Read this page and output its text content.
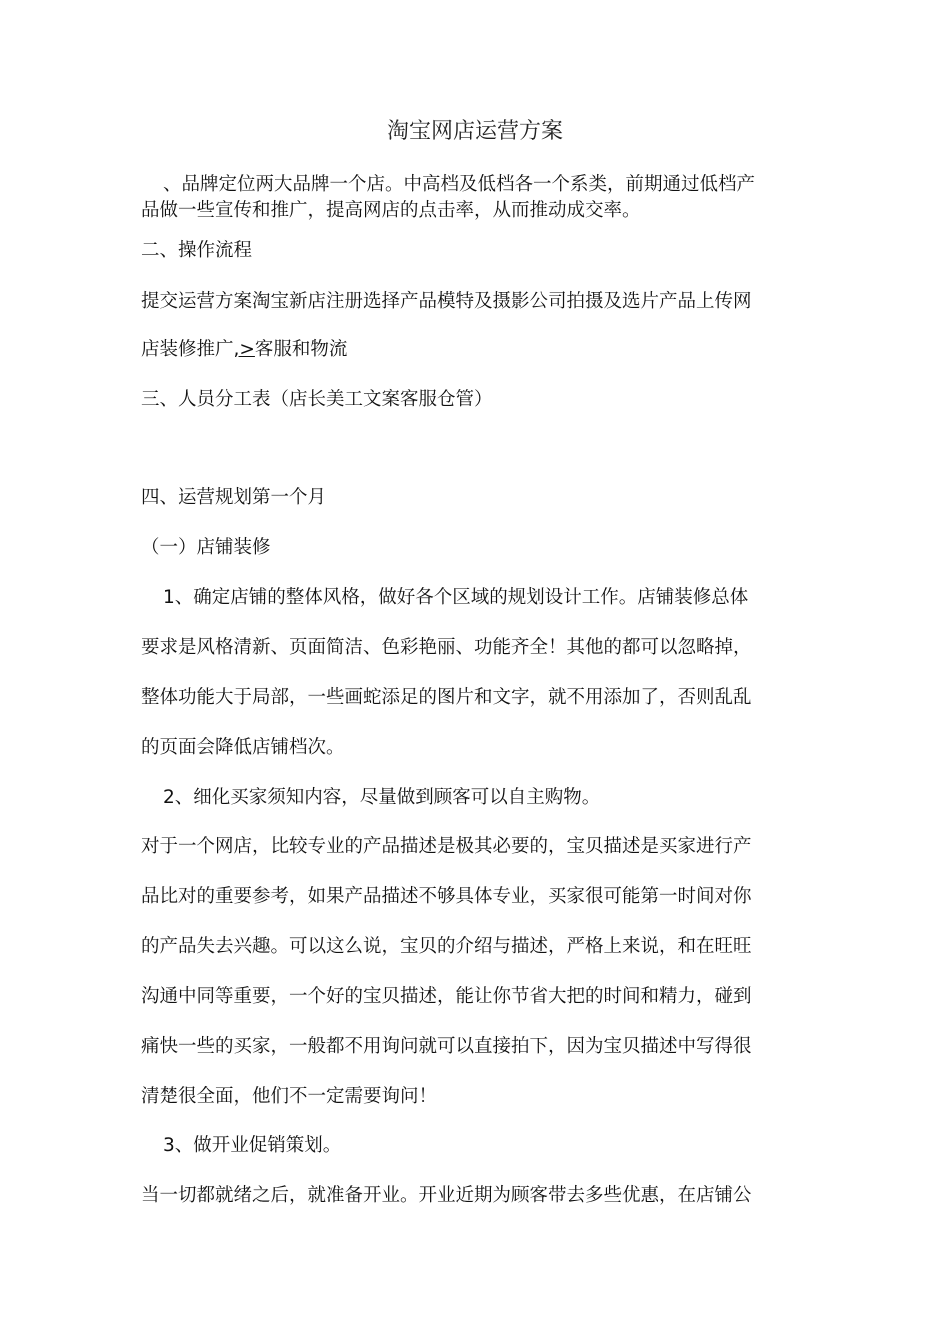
淘宝网店运营方案
、品牌定位两大品牌一个店。中高档及低档各一个系类，前期通过低档产
品做一些宣传和推广，提高网店的点击率，从而推动成交率。
二、操作流程
提交运营方案淘宝新店注册选择产品模特及摄影公司拍摄及选片产品上传网
店装修推广,>客服和物流
三、人员分工表（店长美工文案客服仓管）
四、运营规划第一个月
（一）店铺装修
1、确定店铺的整体风格，做好各个区域的规划设计工作。店铺装修总体
要求是风格清新、页面简洁、色彩艳丽、功能齐全！其他的都可以忽略掉，
整体功能大于局部，一些画蛇添足的图片和文字，就不用添加了，否则乱乱
的页面会降低店铺档次。
2、细化买家须知内容，尽量做到顾客可以自主购物。
对于一个网店，比较专业的产品描述是极其必要的，宝贝描述是买家进行产
品比对的重要参考，如果产品描述不够具体专业，买家很可能第一时间对你
的产品失去兴趣。可以这么说，宝贝的介绍与描述，严格上来说，和在旺旺
沟通中同等重要，一个好的宝贝描述，能让你节省大把的时间和精力，碰到
痛快一些的买家，一般都不用询问就可以直接拍下，因为宝贝描述中写得很
清楚很全面，他们不一定需要询问！
3、做开业促销策划。
当一切都就绪之后，就准备开业。开业近期为顾客带去多些优惠，在店铺公
